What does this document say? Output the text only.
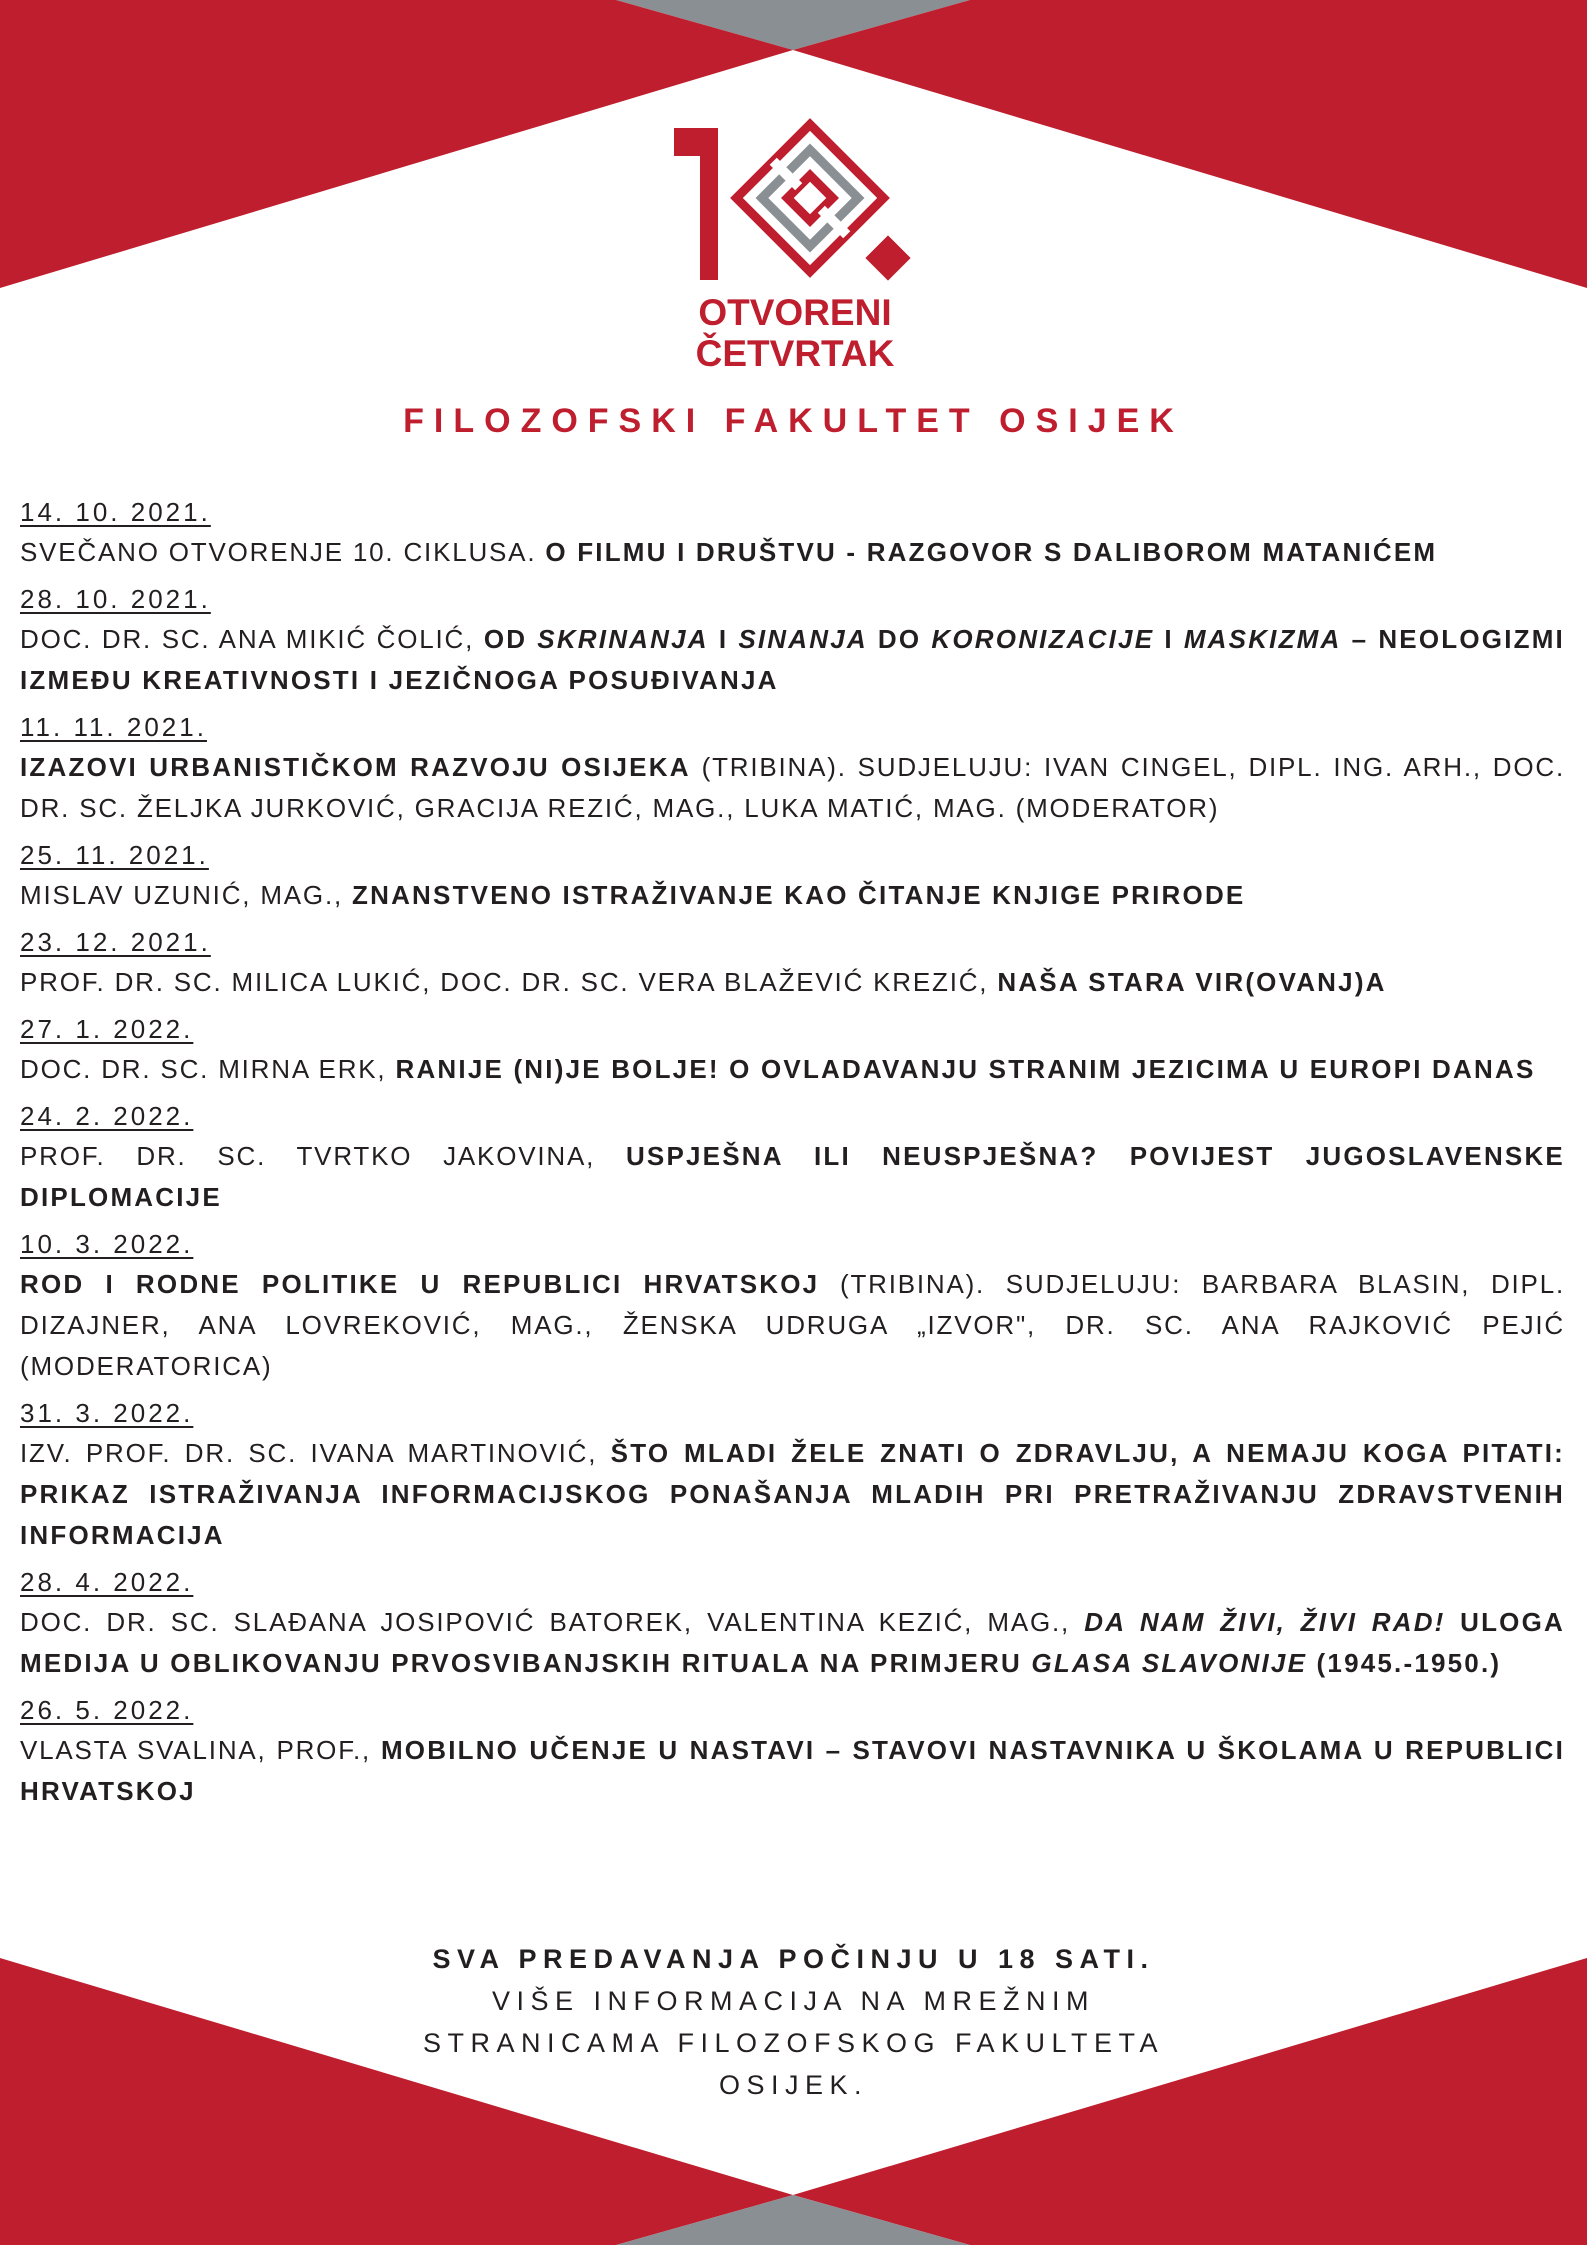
OTVORENI
ČETVRTAK
FILOZOFSKI FAKULTET OSIJEK
14. 10. 2021.
SVEČANO OTVORENJE 10. CIKLUSA. O FILMU I DRUŠTVU - RAZGOVOR S DALIBOROM MATANIĆEM
28. 10. 2021.
DOC. DR. SC. ANA MIKIĆ ČOLIĆ, OD SKRINANJA I SINANJA DO KORONIZACIJE I MASKIZMA – NEOLOGIZMI IZMEĐU KREATIVNOSTI I JEZIČNOGA POSUĐIVANJA
11. 11. 2021.
IZAZOVI URBANISTIČKOM RAZVOJU OSIJEKA (TRIBINA). SUDJELUJU: IVAN CINGEL, DIPL. ING. ARH., DOC. DR. SC. ŽELJKA JURKOVIĆ, GRACIJA REZIĆ, MAG., LUKA MATIĆ, MAG. (MODERATOR)
25. 11. 2021.
MISLAV UZUNIĆ, MAG., ZNANSTVENO ISTRAŽIVANJE KAO ČITANJE KNJIGE PRIRODE
23. 12. 2021.
PROF. DR. SC. MILICA LUKIĆ, DOC. DR. SC. VERA BLAŽEVIĆ KREZIĆ, NAŠA STARA VIR(OVANJ)A
27. 1. 2022.
DOC. DR. SC. MIRNA ERK, RANIJE (NI)JE BOLJE! O OVLADAVANJU STRANIM JEZICIMA U EUROPI DANAS
24. 2. 2022.
PROF. DR. SC. TVRTKO JAKOVINA, USPJEŠNA ILI NEUSPJEŠNA? POVIJEST JUGOSLAVENSKE DIPLOMACIJE
10. 3. 2022.
ROD I RODNE POLITIKE U REPUBLICI HRVATSKOJ (TRIBINA). SUDJELUJU: BARBARA BLASIN, DIPL. DIZAJNER, ANA LOVREKOVIĆ, MAG., ŽENSKA UDRUGA „IZVOR", DR. SC. ANA RAJKOVIĆ PEJIĆ (MODERATORICA)
31. 3. 2022.
IZV. PROF. DR. SC. IVANA MARTINOVIĆ, ŠTO MLADI ŽELE ZNATI O ZDRAVLJU, A NEMAJU KOGA PITATI: PRIKAZ ISTRAŽIVANJA INFORMACIJSKOG PONAŠANJA MLADIH PRI PRETRAŽIVANJU ZDRAVSTVENIH INFORMACIJA
28. 4. 2022.
DOC. DR. SC. SLAĐANA JOSIPOVIĆ BATOREK, VALENTINA KEZIĆ, MAG., DA NAM ŽIVI, ŽIVI RAD! ULOGA MEDIJA U OBLIKOVANJU PRVOSVIBANJSKIH RITUALA NA PRIMJERU GLASA SLAVONIJE (1945.-1950.)
26. 5. 2022.
VLASTA SVALINA, PROF., MOBILNO UČENJE U NASTAVI – STAVOVI NASTAVNIKA U ŠKOLAMA U REPUBLICI HRVATSKOJ
SVA PREDAVANJA POČINJU U 18 SATI.
VIŠE INFORMACIJA NA MREŽNIM STRANICAMA FILOZOFSKOG FAKULTETA OSIJEK.
